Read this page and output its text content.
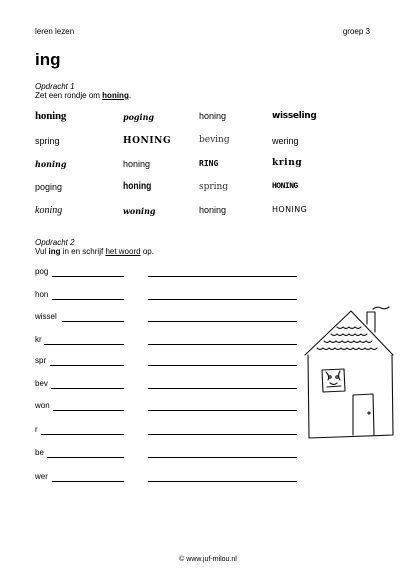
leren lezen	groep 3
ing
Opdracht 1
Zet een rondje om honing.
honing	poging	honing	wisseling
spring	HONING	beving	wering
honing	honing	RING	kring
poging	honing	spring	HONING
koning	woning	honing	HONING
Opdracht 2
Vul ing in en schrijf het woord op.
pog
hon
wissel
kr
spr
bev
won
r
be
wer
© www.juf-milou.nl
